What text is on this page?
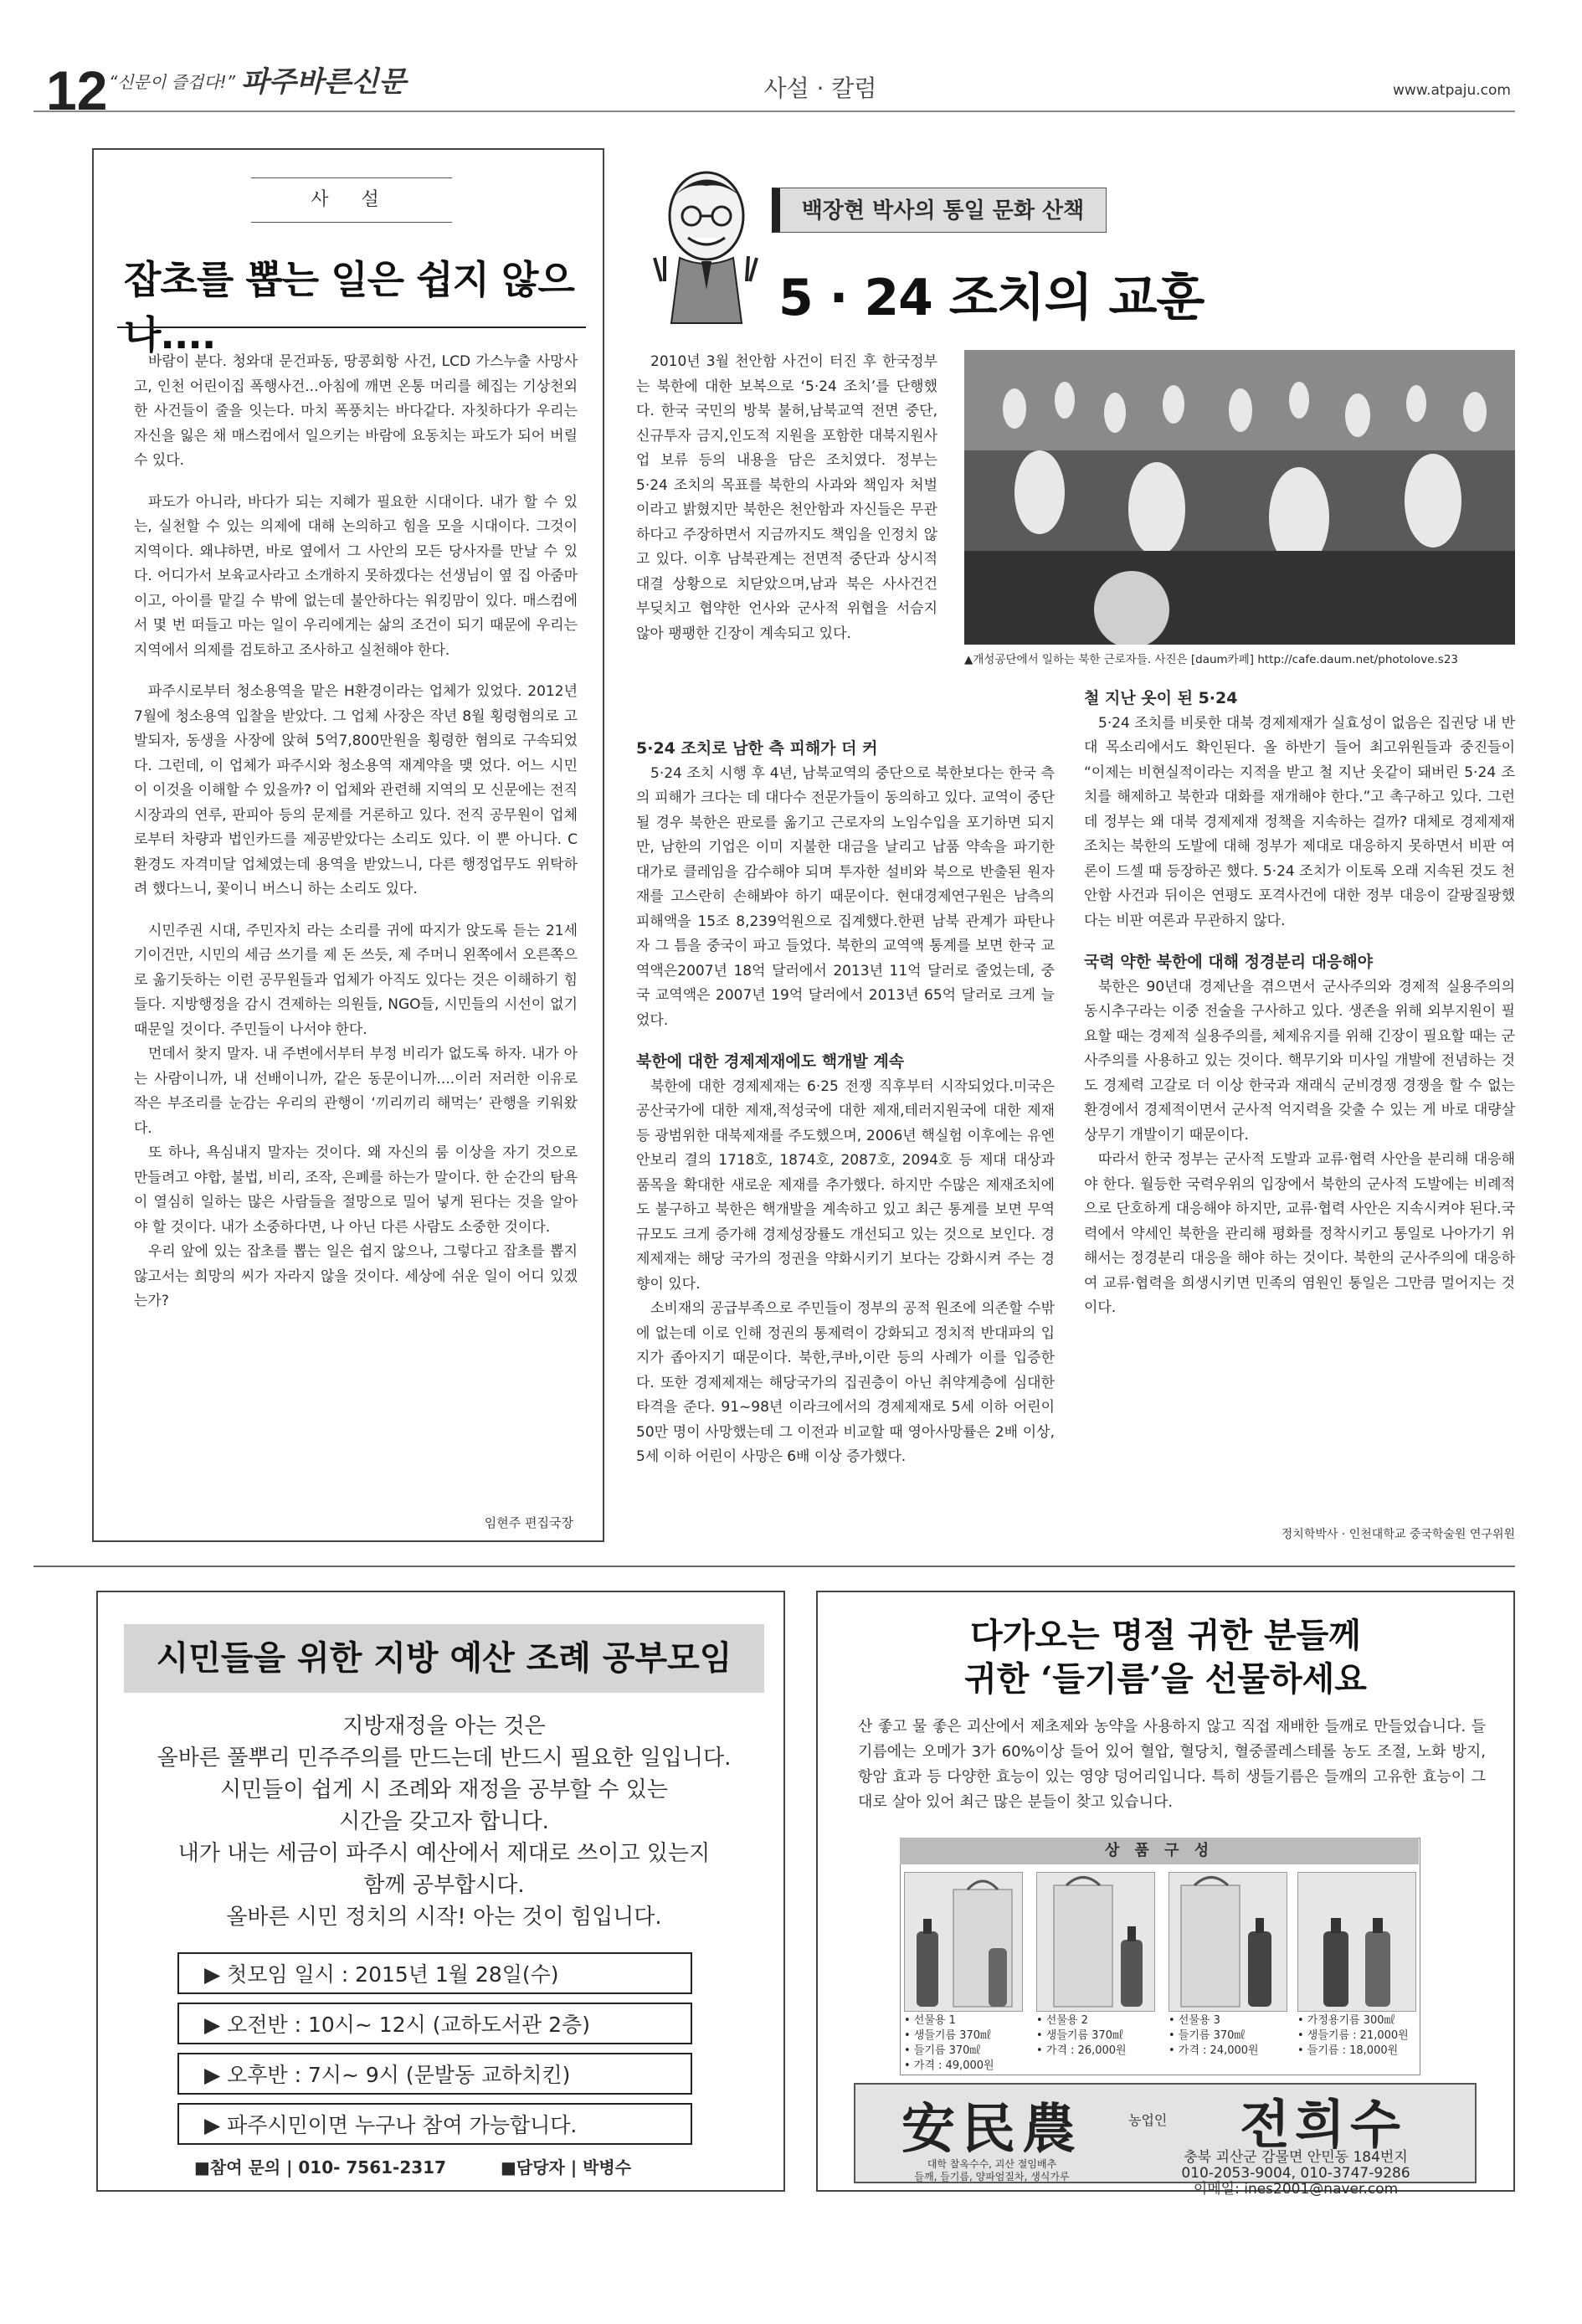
12 “신문이 즐겁다!” 파주바른신문	사설 · 칼럼	www.atpaju.com
사 설
잡초를 뽑는 일은 쉽지 않으나....

바람이 분다. 청와대 문건파동, 땅콩회항 사건, LCD 가스누출 사망사고, 인천 어린이집 폭행사건...아침에 깨면 온통 머리를 헤집는 기상천외한 사건들이 줄을 잇는다. 마치 폭풍치는 바다같다. 자칫하다가 우리는 자신을 잃은 채 매스컴에서 일으키는 바람에 요동치는 파도가 되어 버릴 수 있다.

파도가 아니라, 바다가 되는 지혜가 필요한 시대이다. 내가 할 수 있는, 실천할 수 있는 의제에 대해 논의하고 힘을 모을 시대이다. 그것이 지역이다. 왜냐하면, 바로 옆에서 그 사안의 모든 당사자를 만날 수 있다. 어디가서 보육교사라고 소개하지 못하겠다는 선생님이 옆 집 아줌마이고, 아이를 맡길 수 밖에 없는데 불안하다는 워킹맘이 있다. 매스컴에서 몇 번 떠들고 마는 일이 우리에게는 삶의 조건이 되기 때문에 우리는 지역에서 의제를 검토하고 조사하고 실천해야 한다.

파주시로부터 청소용역을 맡은 H환경이라는 업체가 있었다. 2012년 7월에 청소용역 입찰을 받았다. 그 업체 사장은 작년 8월 횡령혐의로 고발되자, 동생을 사장에 앉혀 5억7,800만원을 횡령한 혐의로 구속되었다. 그런데, 이 업체가 파주시와 청소용역 재계약을 맺 었다. 어느 시민이 이것을 이해할 수 있을까? 이 업체와 관련해 지역의 모 신문에는 전직 시장과의 연루, 판피아 등의 문제를 거론하고 있다. 전직 공무원이 업체로부터 차량과 법인카드를 제공받았다는 소리도 있다. 이 뿐 아니다. C환경도 자격미달 업체였는데 용역을 받았느니, 다른 행정업무도 위탁하려 했다느니, 꽃이니 버스니 하는 소리도 있다.

시민주권 시대, 주민자치 라는 소리를 귀에 따지가 앉도록 듣는 21세기이건만, 시민의 세금 쓰기를 제 돈 쓰듯, 제 주머니 왼쪽에서 오른쪽으로 옮기듯하는 이런 공무원들과 업체가 아직도 있다는 것은 이해하기 힘들다. 지방행정을 감시 견제하는 의원들, NGO들, 시민들의 시선이 없기 때문일 것이다. 주민들이 나서야 한다.

먼데서 찾지 말자. 내 주변에서부터 부정 비리가 없도록 하자. 내가 아는 사람이니까, 내 선배이니까, 같은 동문이니까....이러 저러한 이유로 작은 부조리를 눈감는 우리의 관행이 ‘끼리끼리 해먹는’ 관행을 키워왔다.

또 하나, 욕심내지 말자는 것이다. 왜 자신의 룸 이상을 자기 것으로 만들려고 야합, 불법, 비리, 조작, 은폐를 하는가 말이다. 한 순간의 탐욕이 열심히 일하는 많은 사람들을 절망으로 밀어 넣게 된다는 것을 알아야 할 것이다. 내가 소중하다면, 나 아닌 다른 사람도 소중한 것이다.

우리 앞에 있는 잡초를 뽑는 일은 쉽지 않으나, 그렇다고 잡초를 뽑지 않고서는 희망의 씨가 자라지 않을 것이다. 세상에 쉬운 일이 어디 있겠는가?

임현주 편집국장
백장현 박사의 통일 문화 산책
5 · 24 조치의 교훈
▲개성공단에서 일하는 북한 근로자들. 사진은 [daum카페] http://cafe.daum.net/photolove.s23

2010년 3월 천안함 사건이 터진 후 한국정부는 북한에 대한 보복으로 ‘5·24 조치’를 단행했다. 한국 국민의 방북 불허,남북교역 전면 중단,신규투자 금지,인도적 지원을 포함한 대북지원사업 보류 등의 내용을 담은 조치였다. 정부는 5·24 조치의 목표를 북한의 사과와 책임자 처벌이라고 밝혔지만 북한은 천안함과 자신들은 무관하다고 주장하면서 지금까지도 책임을 인정치 않고 있다. 이후 남북관계는 전면적 중단과 상시적 대결 상황으로 치닫았으며,남과 북은 사사건건 부딪치고 협약한 언사와 군사적 위협을 서슴지 않아 팽팽한 긴장이 계속되고 있다.

5·24 조치로 남한 측 피해가 더 커

5·24 조치 시행 후 4년, 남북교역의 중단으로 북한보다는 한국 측의 피해가 크다는 데 대다수 전문가들이 동의하고 있다. 교역이 중단될 경우 북한은 판로를 옮기고 근로자의 노임수입을 포기하면 되지만, 남한의 기업은 이미 지불한 대금을 날리고 납품 약속을 파기한 대가로 클레임을 감수해야 되며 투자한 설비와 북으로 반출된 원자재를 고스란히 손해봐야 하기 때문이다. 현대경제연구원은 남측의 피해액을 15조 8,239억원으로 집계했다.한편 남북 관계가 파탄나자 그 틈을 중국이 파고 들었다. 북한의 교역액 통계를 보면 한국 교역액은2007년 18억 달러에서 2013년 11억 달러로 줄었는데, 중국 교역액은 2007년 19억 달러에서 2013년 65억 달러로 크게 늘었다.

북한에 대한 경제제재에도 핵개발 계속

북한에 대한 경제제재는 6·25 전쟁 직후부터 시작되었다.미국은 공산국가에 대한 제재,적성국에 대한 제재,테러지원국에 대한 제재 등 광범위한 대북제재를 주도했으며, 2006년 핵실험 이후에는 유엔안보리 결의 1718호, 1874호, 2087호, 2094호 등 제대 대상과 품목을 확대한 새로운 제재를 추가했다. 하지만 수많은 제재조치에도 불구하고 북한은 핵개발을 계속하고 있고 최근 통계를 보면 무역 규모도 크게 증가해 경제성장률도 개선되고 있는 것으로 보인다. 경제제재는 해당 국가의 정권을 약화시키기 보다는 강화시켜 주는 경향이 있다.

소비재의 공급부족으로 주민들이 정부의 공적 원조에 의존할 수밖에 없는데 이로 인해 정권의 통제력이 강화되고 정치적 반대파의 입지가 좁아지기 때문이다. 북한,쿠바,이란 등의 사례가 이를 입증한다. 또한 경제제재는 해당국가의 집권층이 아닌 취약계층에 심대한 타격을 준다. 91~98년 이라크에서의 경제제재로 5세 이하 어린이 50만 명이 사망했는데 그 이전과 비교할 때 영아사망률은 2배 이상, 5세 이하 어린이 사망은 6배 이상 증가했다.

철 지난 옷이 된 5·24

5·24 조치를 비롯한 대북 경제제재가 실효성이 없음은 집권당 내 반대 목소리에서도 확인된다. 올 하반기 들어 최고위원들과 중진들이 “이제는 비현실적이라는 지적을 받고 철 지난 옷같이 돼버린 5·24 조치를 해제하고 북한과 대화를 재개해야 한다.”고 촉구하고 있다. 그런데 정부는 왜 대북 경제제재 정책을 지속하는 걸까? 대체로 경제제재 조치는 북한의 도발에 대해 정부가 제대로 대응하지 못하면서 비판 여론이 드셀 때 등장하곤 했다. 5·24 조치가 이토록 오래 지속된 것도 천안함 사건과 뒤이은 연평도 포격사건에 대한 정부 대응이 갈팡질팡했다는 비판 여론과 무관하지 않다.

국력 약한 북한에 대해 정경분리 대응해야

북한은 90년대 경제난을 겪으면서 군사주의와 경제적 실용주의의 동시추구라는 이중 전술을 구사하고 있다. 생존을 위해 외부지원이 필요할 때는 경제적 실용주의를, 체제유지를 위해 긴장이 필요할 때는 군사주의를 사용하고 있는 것이다. 핵무기와 미사일 개발에 전념하는 것도 경제력 고갈로 더 이상 한국과 재래식 군비경쟁 경쟁을 할 수 없는 환경에서 경제적이면서 군사적 억지력을 갖출 수 있는 게 바로 대량살상무기 개발이기 때문이다.

따라서 한국 정부는 군사적 도발과 교류·협력 사안을 분리해 대응해야 한다. 월등한 국력우위의 입장에서 북한의 군사적 도발에는 비례적으로 단호하게 대응해야 하지만, 교류·협력 사안은 지속시켜야 된다.국력에서 약세인 북한을 관리해 평화를 정착시키고 통일로 나아가기 위해서는 정경분리 대응을 해야 하는 것이다. 북한의 군사주의에 대응하여 교류·협력을 희생시키면 민족의 염원인 통일은 그만큼 멀어지는 것이다.

정치학박사 · 인천대학교 중국학술원 연구위원
시민들을 위한 지방 예산 조례 공부모임

지방재정을 아는 것은

올바른 풀뿌리 민주주의를 만드는데 반드시 필요한 일입니다.

시민들이 쉽게 시 조례와 재정을 공부할 수 있는

시간을 갖고자 합니다.

내가 내는 세금이 파주시 예산에서 제대로 쓰이고 있는지

함께 공부합시다.

올바른 시민 정치의 시작! 아는 것이 힘입니다.

▶ 첫모임 일시 : 2015년 1월 28일(수)
▶ 오전반 : 10시~ 12시 (교하도서관 2층)
▶ 오후반 : 7시~ 9시 (문발동 교하치킨)
▶ 파주시민이면 누구나 참여 가능합니다.
■참여 문의 | 010- 7561-2317	■담당자 | 박병수
다가오는 명절 귀한 분들께
귀한 ‘들기름’을 선물하세요
산 좋고 물 좋은 괴산에서 제초제와 농약을 사용하지 않고 직접 재배한 들깨로 만들었습니다. 들기름에는 오메가 3가 60%이상 들어 있어 혈압, 혈당치, 혈중콜레스테롤 농도 조절, 노화 방지, 항암 효과 등 다양한 효능이 있는 영양 덩어리입니다. 특히 생들기름은 들깨의 고유한 효능이 그대로 살아 있어 최근 많은 분들이 찾고 있습니다.
상 품 구 성
• 선물용 1
• 생들기름 370㎖
• 들기름 370㎖
• 가격 : 49,000원
• 선물용 2
• 생들기름 370㎖
• 가격 : 26,000원
• 선물용 3
• 들기름 370㎖
• 가격 : 24,000원
• 가정용기름 300㎖
• 생들기름 : 21,000원
• 들기름 : 18,000원
安民農
대학 찰옥수수, 괴산 절임배추
들깨, 들기름, 양파엄질차, 생식가루
농업인	전희수
충북 괴산군 감물면 안민동 184번지
010-2053-9004, 010-3747-9286
이메일: ines2001@naver.com
